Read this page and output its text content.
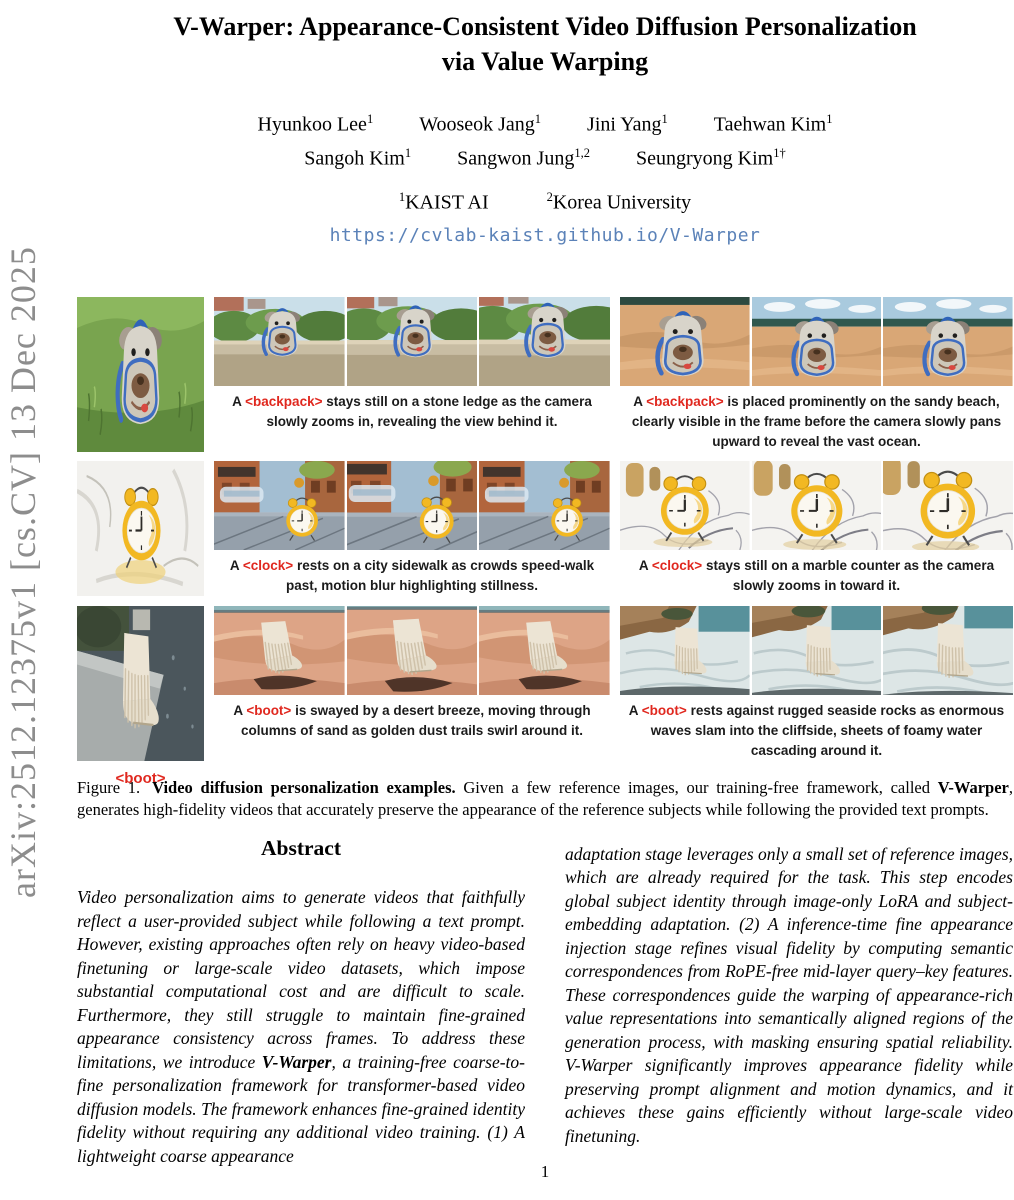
arXiv:2512.12375v1 [cs.CV] 13 Dec 2025
V-Warper: Appearance-Consistent Video Diffusion Personalization
via Value Warping
Hyunkoo Lee$^1$ Wooseok Jang$^1$ Jini Yang$^1$ Taehwan Kim$^1$
Sangoh Kim$^1$ Sangwon Jung$^{1,2}$ Seungryong Kim$^{1\dagger}$
$^1$KAIST AI	$^2$Korea University
https://cvlab-kaist.github.io/V-Warper
A <backpack> stays still on a stone ledge as the camera slowly zooms in, revealing the view behind it.
A <backpack> is placed prominently on the sandy beach, clearly visible in the frame before the camera slowly pans upward to reveal the vast ocean.
A <clock> rests on a city sidewalk as crowds speed-walk past, motion blur highlighting stillness.
A <clock> stays still on a marble counter as the camera slowly zooms in toward it.
<boot>
A <boot> is swayed by a desert breeze, moving through columns of sand as golden dust trails swirl around it.
A <boot> rests against rugged seaside rocks as enormous waves slam into the cliffside, sheets of foamy water cascading around it.
Figure 1. Video diffusion personalization examples. Given a few reference images, our training-free framework, called V-Warper, generates high-fidelity videos that accurately preserve the appearance of the reference subjects while following the provided text prompts.
Abstract

Video personalization aims to generate videos that faithfully reflect a user-provided subject while following a text prompt. However, existing approaches often rely on heavy video-based finetuning or large-scale video datasets, which impose substantial computational cost and are difficult to scale. Furthermore, they still struggle to maintain fine-grained appearance consistency across frames. To address these limitations, we introduce V-Warper, a training-free coarse-to-fine personalization framework for transformer-based video diffusion models. The framework enhances fine-grained identity fidelity without requiring any additional video training. (1) A lightweight coarse appearance

adaptation stage leverages only a small set of reference images, which are already required for the task. This step encodes global subject identity through image-only LoRA and subject-embedding adaptation. (2) A inference-time fine appearance injection stage refines visual fidelity by computing semantic correspondences from RoPE-free mid-layer query–key features. These correspondences guide the warping of appearance-rich value representations into semantically aligned regions of the generation process, with masking ensuring spatial reliability. V-Warper significantly improves appearance fidelity while preserving prompt alignment and motion dynamics, and it achieves these gains efficiently without large-scale video finetuning.

1
